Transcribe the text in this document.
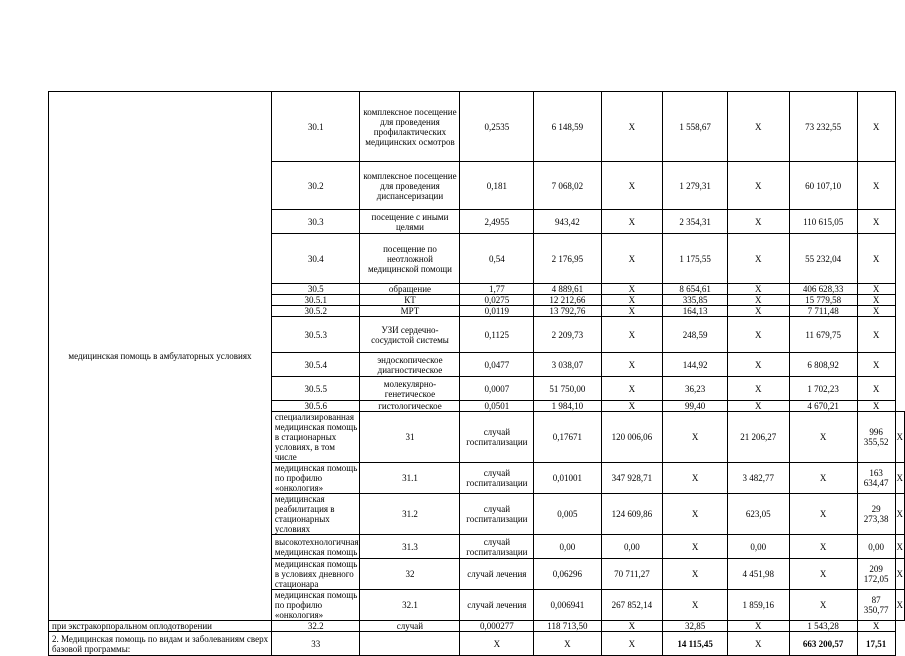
медицинская помощь в амбулаторных условиях	30.1	комплексное посещение для проведения профилактических медицинских осмотров	0,2535	6 148,59	Х	1 558,67	Х	73 232,55	Х	
	30.2	комплексное посещение для проведения диспансеризации	0,181	7 068,02	Х	1 279,31	Х	60 107,10	Х	
	30.3	посещение с иными целями	2,4955	943,42	Х	2 354,31	Х	110 615,05	Х	
	30.4	посещение по неотложной медицинской помощи	0,54	2 176,95	Х	1 175,55	Х	55 232,04	Х	
	30.5	обращение	1,77	4 889,61	Х	8 654,61	Х	406 628,33	Х	
	30.5.1	КТ	0,0275	12 212,66	Х	335,85	Х	15 779,58	Х	
	30.5.2	МРТ	0,0119	13 792,76	Х	164,13	Х	7 711,48	Х	
	30.5.3	УЗИ сердечно-сосудистой системы	0,1125	2 209,73	Х	248,59	Х	11 679,75	Х	
	30.5.4	эндоскопическое диагностическое	0,0477	3 038,07	Х	144,92	Х	6 808,92	Х	
	30.5.5	молекулярно-генетическое	0,0007	51 750,00	Х	36,23	Х	1 702,23	Х	
	30.5.6	гистологическое	0,0501	1 984,10	Х	99,40	Х	4 670,21	Х	
	специализированная медицинская помощь в стационарных условиях, в том числе	31	случай госпитализации	0,17671	120 006,06	Х	21 206,27	Х	996 355,52	Х
	медицинская помощь по профилю «онкология»	31.1	случай госпитализации	0,01001	347 928,71	Х	3 482,77	Х	163 634,47	Х
	медицинская реабилитация в стационарных условиях	31.2	случай госпитализации	0,005	124 609,86	Х	623,05	Х	29 273,38	Х
	высокотехнологичная медицинская помощь	31.3	случай госпитализации	0,00	0,00	Х	0,00	Х	0,00	Х
	медицинская помощь в условиях дневного стационара	32	случай лечения	0,06296	70 711,27	Х	4 451,98	Х	209 172,05	Х
	медицинская помощь по профилю «онкология»	32.1	случай лечения	0,006941	267 852,14	Х	1 859,16	Х	87 350,77	Х
при экстракорпоральном оплодотворении	32.2	случай	0,000277	118 713,50	Х	32,85	Х	1 543,28	Х	
2. Медицинская помощь по видам и заболеваниям сверх базовой программы:	33		Х	Х	Х	14 115,45	Х	663 200,57	17,51	
